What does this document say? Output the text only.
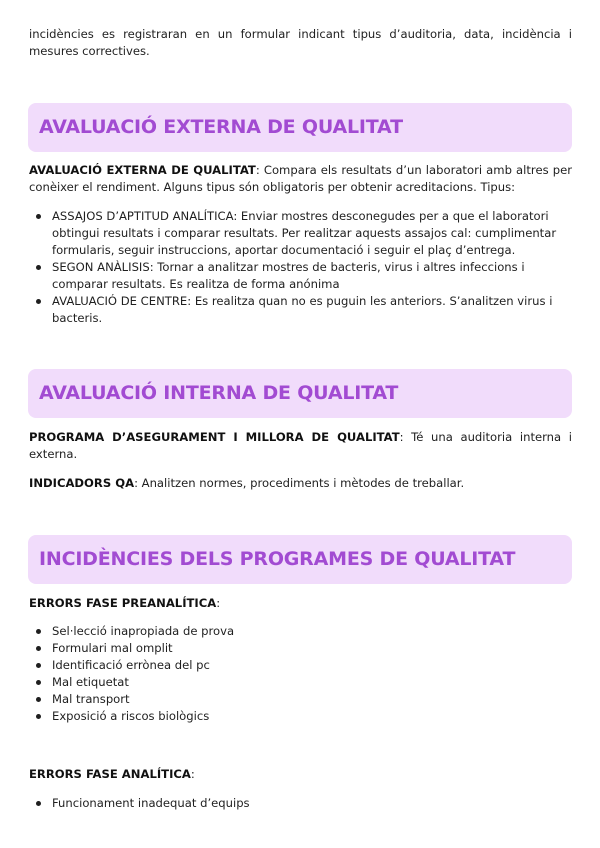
incidències es registraran en un formular indicant tipus d’auditoria, data, incidència i mesures correctives.

AVALUACIÓ EXTERNA DE QUALITAT

AVALUACIÓ EXTERNA DE QUALITAT: Compara els resultats d’un laboratori amb altres per conèixer el rendiment. Alguns tipus són obligatoris per obtenir acreditacions. Tipus:

ASSAJOS D’APTITUD ANALÍTICA: Enviar mostres desconegudes per a que el laboratori obtingui resultats i comparar resultats. Per realitzar aquests assajos cal: cumplimentar formularis, seguir instruccions, aportar documentació i seguir el plaç d’entrega.
SEGON ANÀLISIS: Tornar a analitzar mostres de bacteris, virus i altres infeccions i comparar resultats. Es realitza de forma anónima
AVALUACIÓ DE CENTRE: Es realitza quan no es puguin les anteriors. S’analitzen virus i bacteris.
AVALUACIÓ INTERNA DE QUALITAT

PROGRAMA D’ASEGURAMENT I MILLORA DE QUALITAT: Té una auditoria interna i externa.

INDICADORS QA: Analitzen normes, procediments i mètodes de treballar.

INCIDÈNCIES DELS PROGRAMES DE QUALITAT

ERRORS FASE PREANALÍTICA:

Sel·lecció inapropiada de prova
Formulari mal omplit
Identificació errònea del pc
Mal etiquetat
Mal transport
Exposició a riscos biològics

ERRORS FASE ANALÍTICA:

Funcionament inadequat d’equips
